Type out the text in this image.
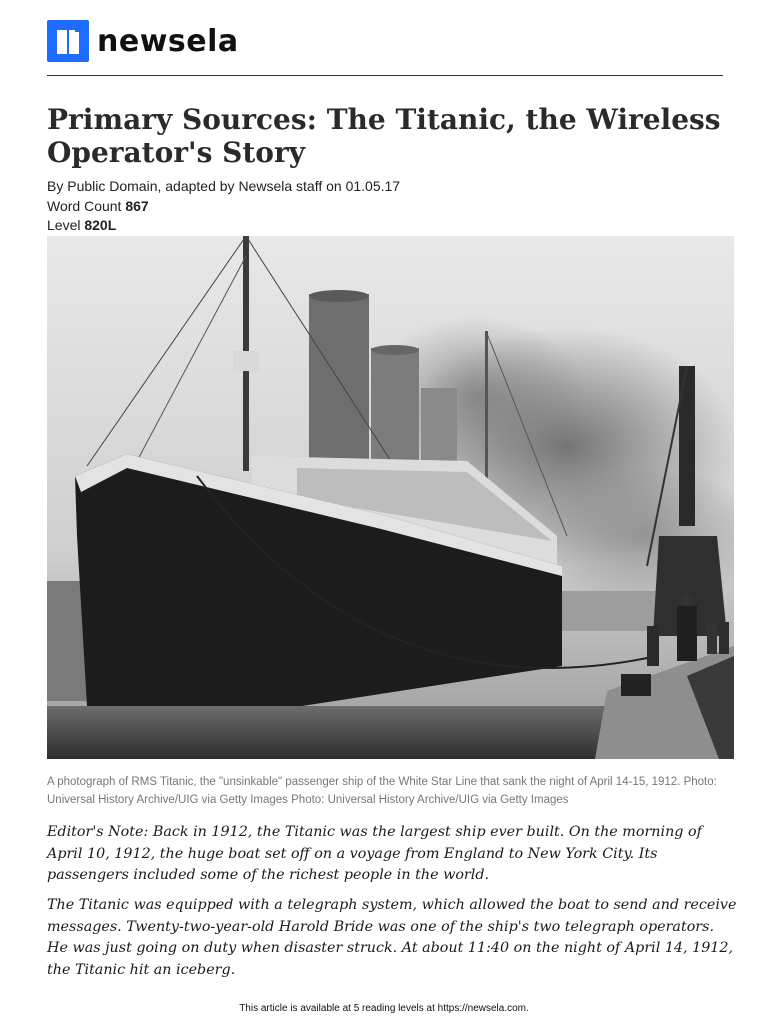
newsela
Primary Sources: The Titanic, the Wireless Operator's Story
By Public Domain, adapted by Newsela staff on 01.05.17
Word Count 867
Level 820L
A photograph of RMS Titanic, the "unsinkable" passenger ship of the White Star Line that sank the night of April 14-15, 1912. Photo: Universal History Archive/UIG via Getty Images Photo: Universal History Archive/UIG via Getty Images

Editor's Note: Back in 1912, the Titanic was the largest ship ever built. On the morning of April 10, 1912, the huge boat set off on a voyage from England to New York City. Its passengers included some of the richest people in the world.

The Titanic was equipped with a telegraph system, which allowed the boat to send and receive messages. Twenty-two-year-old Harold Bride was one of the ship's two telegraph operators. He was just going on duty when disaster struck. At about 11:40 on the night of April 14, 1912, the Titanic hit an iceberg.

This article is available at 5 reading levels at https://newsela.com.
